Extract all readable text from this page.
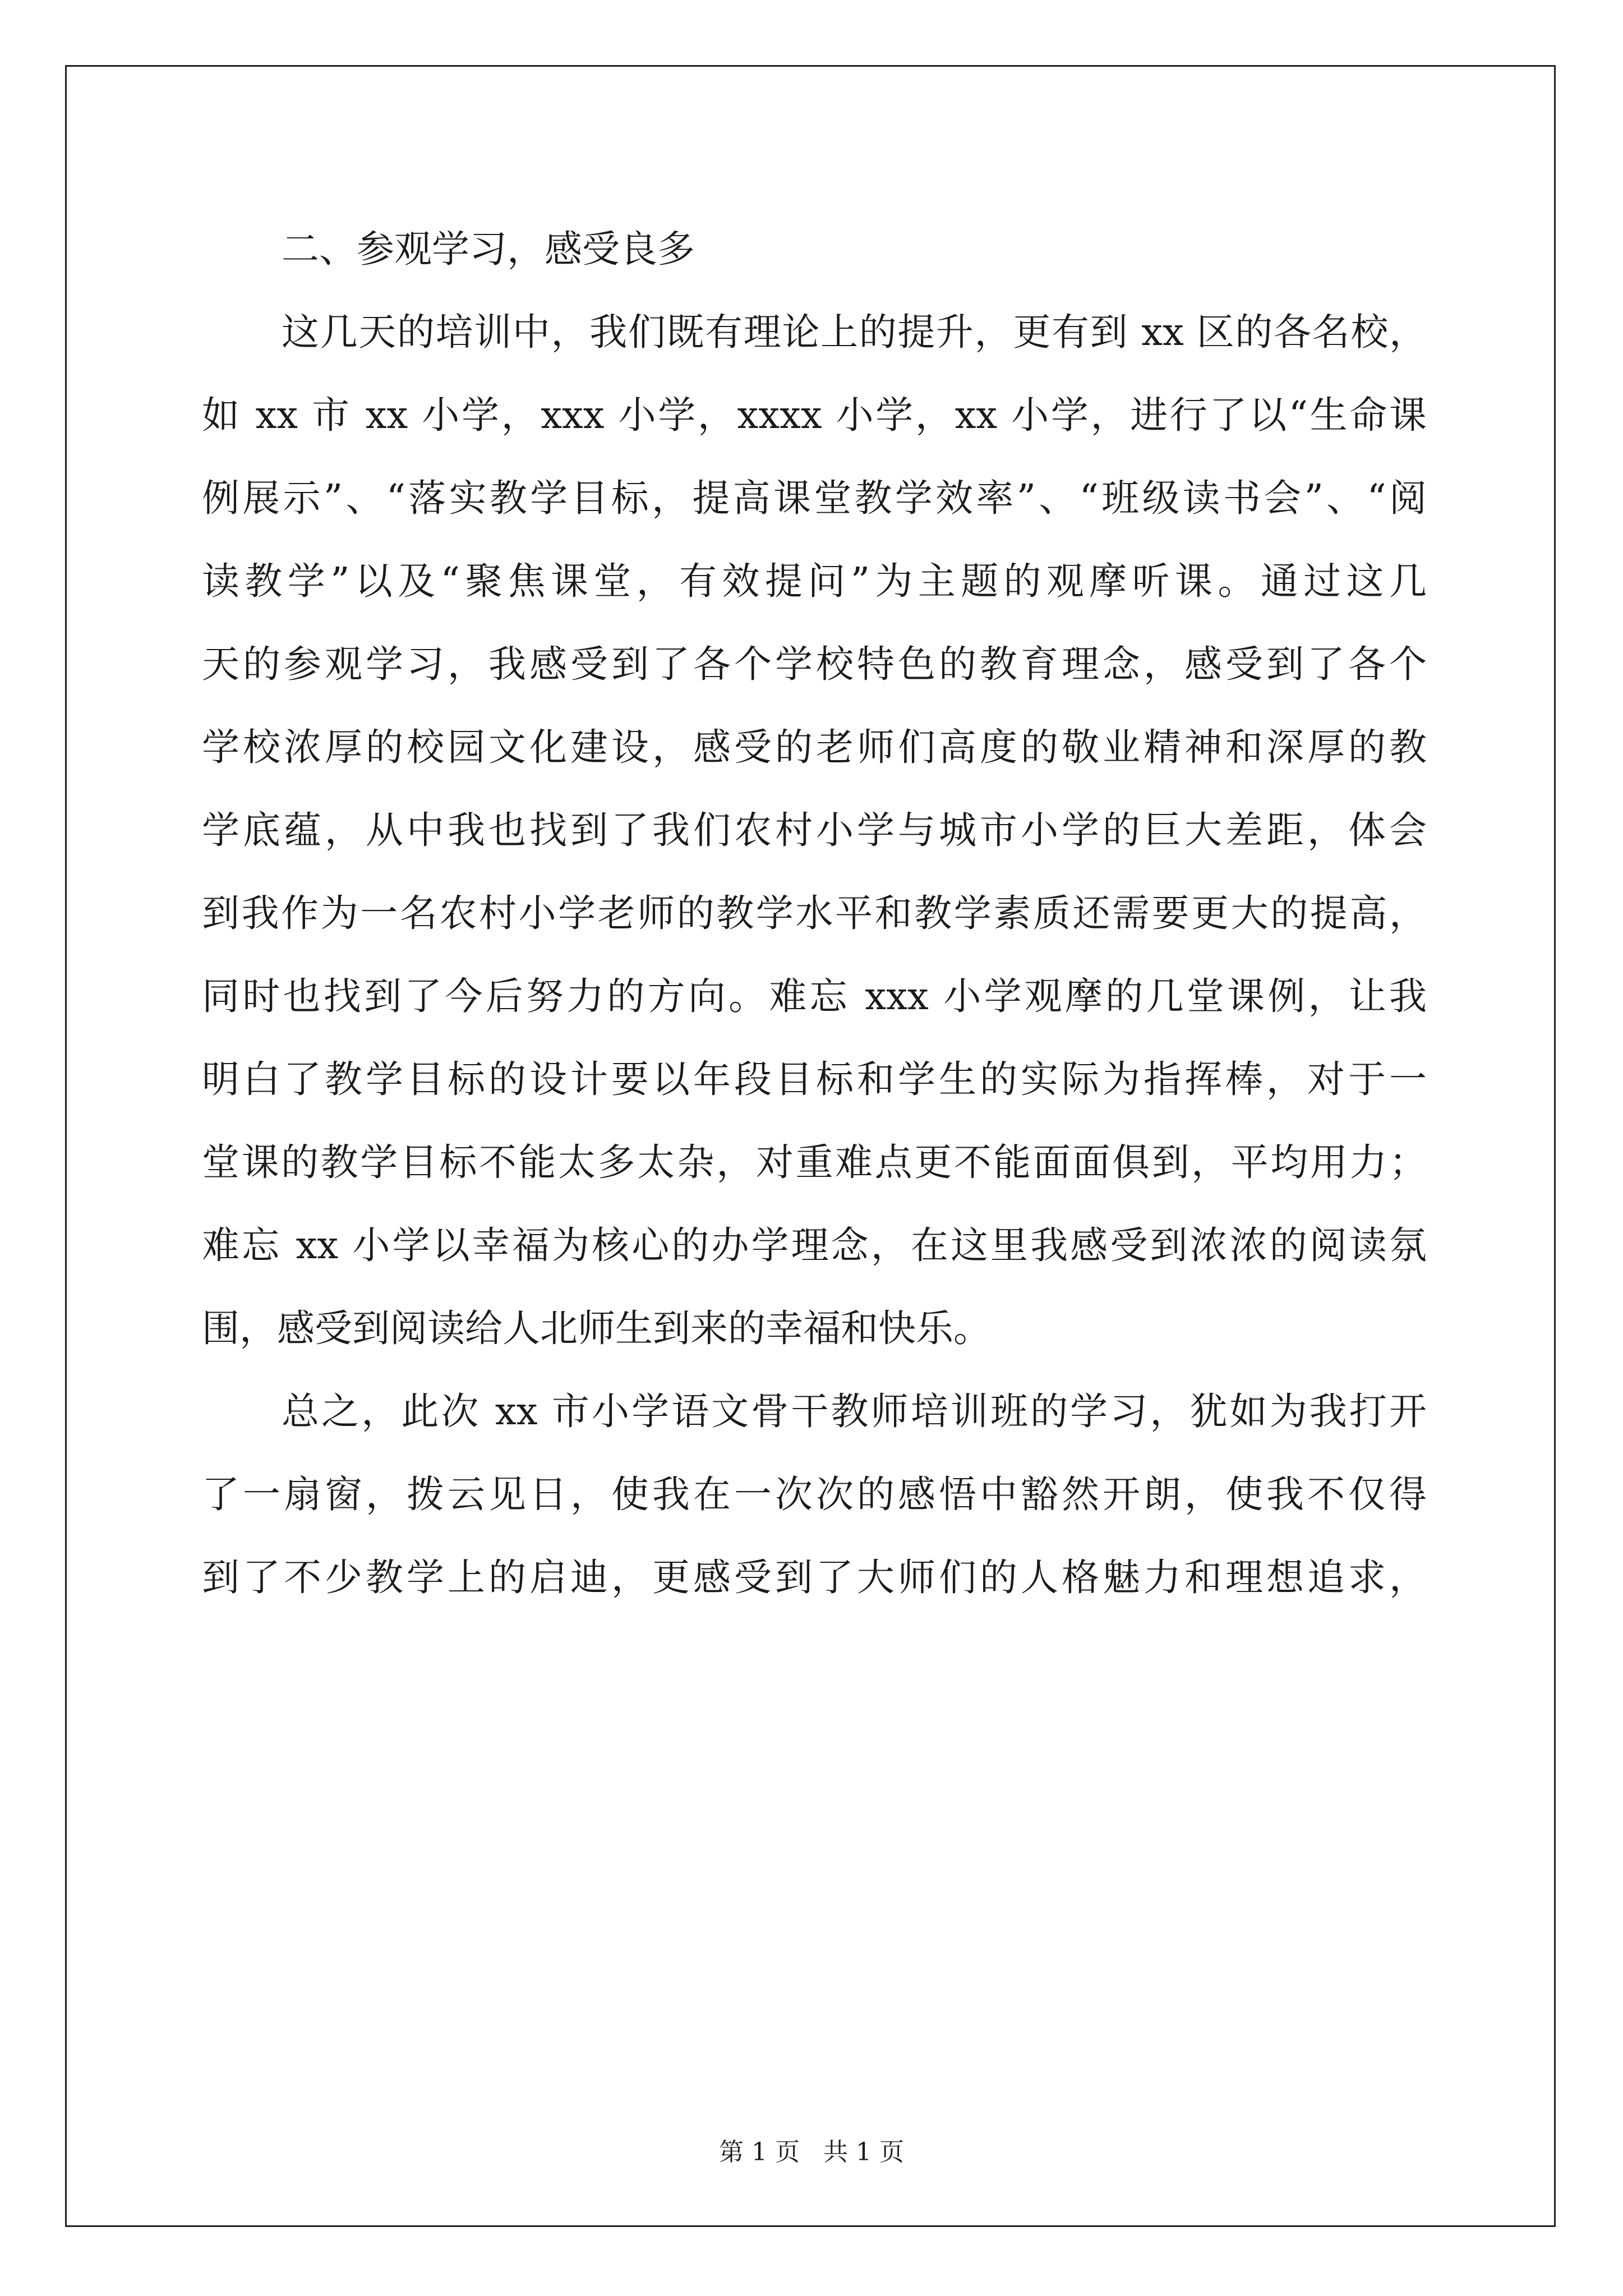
二、参观学习，感受良多

这几天的培训中，我们既有理论上的提升，更有到 xx 区的各名校，

如 xx 市 xx 小学，xxx 小学，xxxx 小学，xx 小学，进行了以“生命课

例展示”、“落实教学目标，提高课堂教学效率”、“班级读书会”、“阅

读教学”以及“聚焦课堂，有效提问”为主题的观摩听课。通过这几

天的参观学习，我感受到了各个学校特色的教育理念，感受到了各个

学校浓厚的校园文化建设，感受的老师们高度的敬业精神和深厚的教

学底蕴，从中我也找到了我们农村小学与城市小学的巨大差距，体会

到我作为一名农村小学老师的教学水平和教学素质还需要更大的提高，

同时也找到了今后努力的方向。难忘 xxx 小学观摩的几堂课例，让我

明白了教学目标的设计要以年段目标和学生的实际为指挥棒，对于一

堂课的教学目标不能太多太杂，对重难点更不能面面俱到，平均用力；

难忘 xx 小学以幸福为核心的办学理念，在这里我感受到浓浓的阅读氛

围，感受到阅读给人北师生到来的幸福和快乐。

总之，此次 xx 市小学语文骨干教师培训班的学习，犹如为我打开

了一扇窗，拨云见日，使我在一次次的感悟中豁然开朗，使我不仅得

到了不少教学上的启迪，更感受到了大师们的人格魅力和理想追求，

第 1 页   共 1 页
